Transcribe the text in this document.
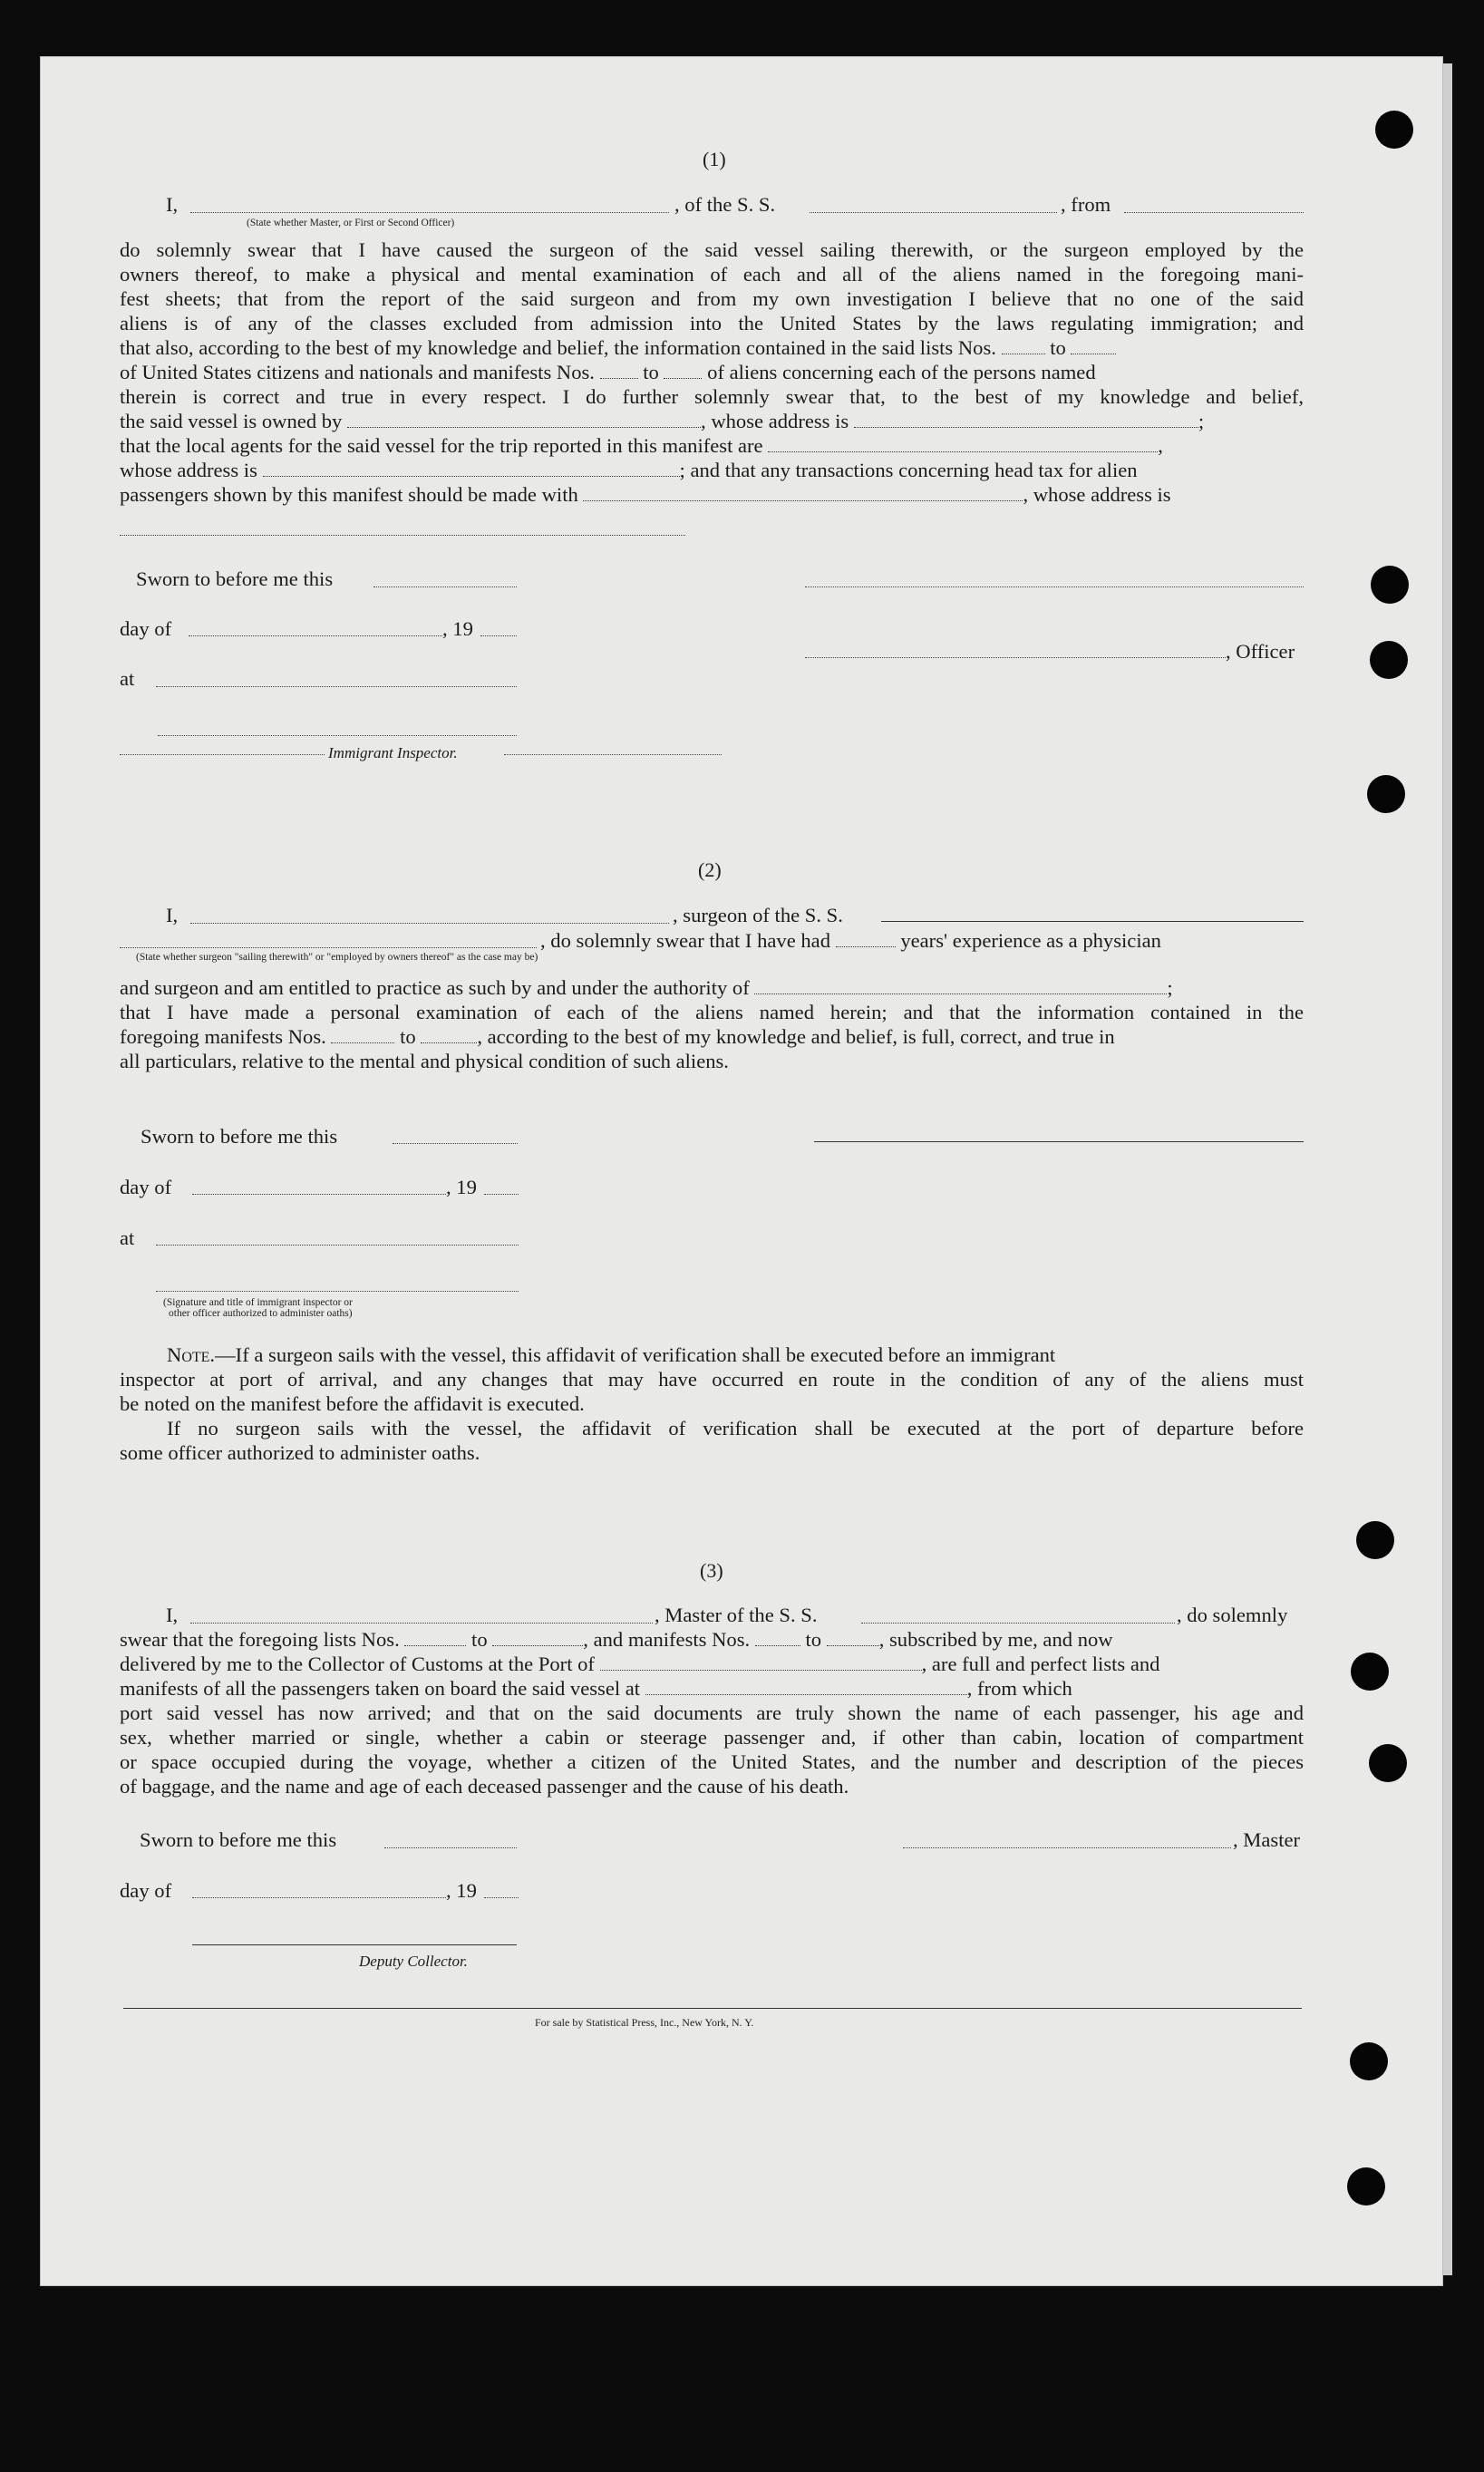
(1)
I,	, of the S. S.	, from
(State whether Master, or First or Second Officer)
do solemnly swear that I have caused the surgeon of the said vessel sailing therewith, or the surgeon employed by the
owners thereof, to make a physical and mental examination of each and all of the aliens named in the foregoing mani-
fest sheets; that from the report of the said surgeon and from my own investigation I believe that no one of the said
aliens is of any of the classes excluded from admission into the United States by the laws regulating immigration; and
that also, according to the best of my knowledge and belief, the information contained in the said lists Nos.	to
of United States citizens and nationals and manifests Nos. to of aliens concerning each of the persons named
therein is correct and true in every respect. I do further solemnly swear that, to the best of my knowledge and belief,
the said vessel is owned by	, whose address is	;
that the local agents for the said vessel for the trip reported in this manifest are	,
whose address is	; and that any transactions concerning head tax for alien
passengers shown by this manifest should be made with	, whose address is
Sworn to before me this
day of	, 19
, Officer
at
Immigrant Inspector.
(2)
I,	, surgeon of the S. S.
, do solemnly swear that I have had	years' experience as a physician
(State whether surgeon "sailing therewith" or "employed by owners thereof" as the case may be)
and surgeon and am entitled to practice as such by and under the authority of	;
that I have made a personal examination of each of the aliens named herein; and that the information contained in the
foregoing manifests Nos.	to	, according to the best of my knowledge and belief, is full, correct, and true in
all particulars, relative to the mental and physical condition of such aliens.
Sworn to before me this
day of	, 19
at
(Signature and title of immigrant inspector or
other officer authorized to administer oaths)
Note.—If a surgeon sails with the vessel, this affidavit of verification shall be executed before an immigrant
inspector at port of arrival, and any changes that may have occurred en route in the condition of any of the aliens must
be noted on the manifest before the affidavit is executed.
If no surgeon sails with the vessel, the affidavit of verification shall be executed at the port of departure before
some officer authorized to administer oaths.
(3)
I,	, Master of the S. S.	, do solemnly
swear that the foregoing lists Nos.	to	, and manifests Nos.	to	, subscribed by me, and now
delivered by me to the Collector of Customs at the Port of	, are full and perfect lists and
manifests of all the passengers taken on board the said vessel at	, from which
port said vessel has now arrived; and that on the said documents are truly shown the name of each passenger, his age and
sex, whether married or single, whether a cabin or steerage passenger and, if other than cabin, location of compartment
or space occupied during the voyage, whether a citizen of the United States, and the number and description of the pieces
of baggage, and the name and age of each deceased passenger and the cause of his death.
Sworn to before me this	, Master
day of	, 19
Deputy Collector.
For sale by Statistical Press, Inc., New York, N. Y.
